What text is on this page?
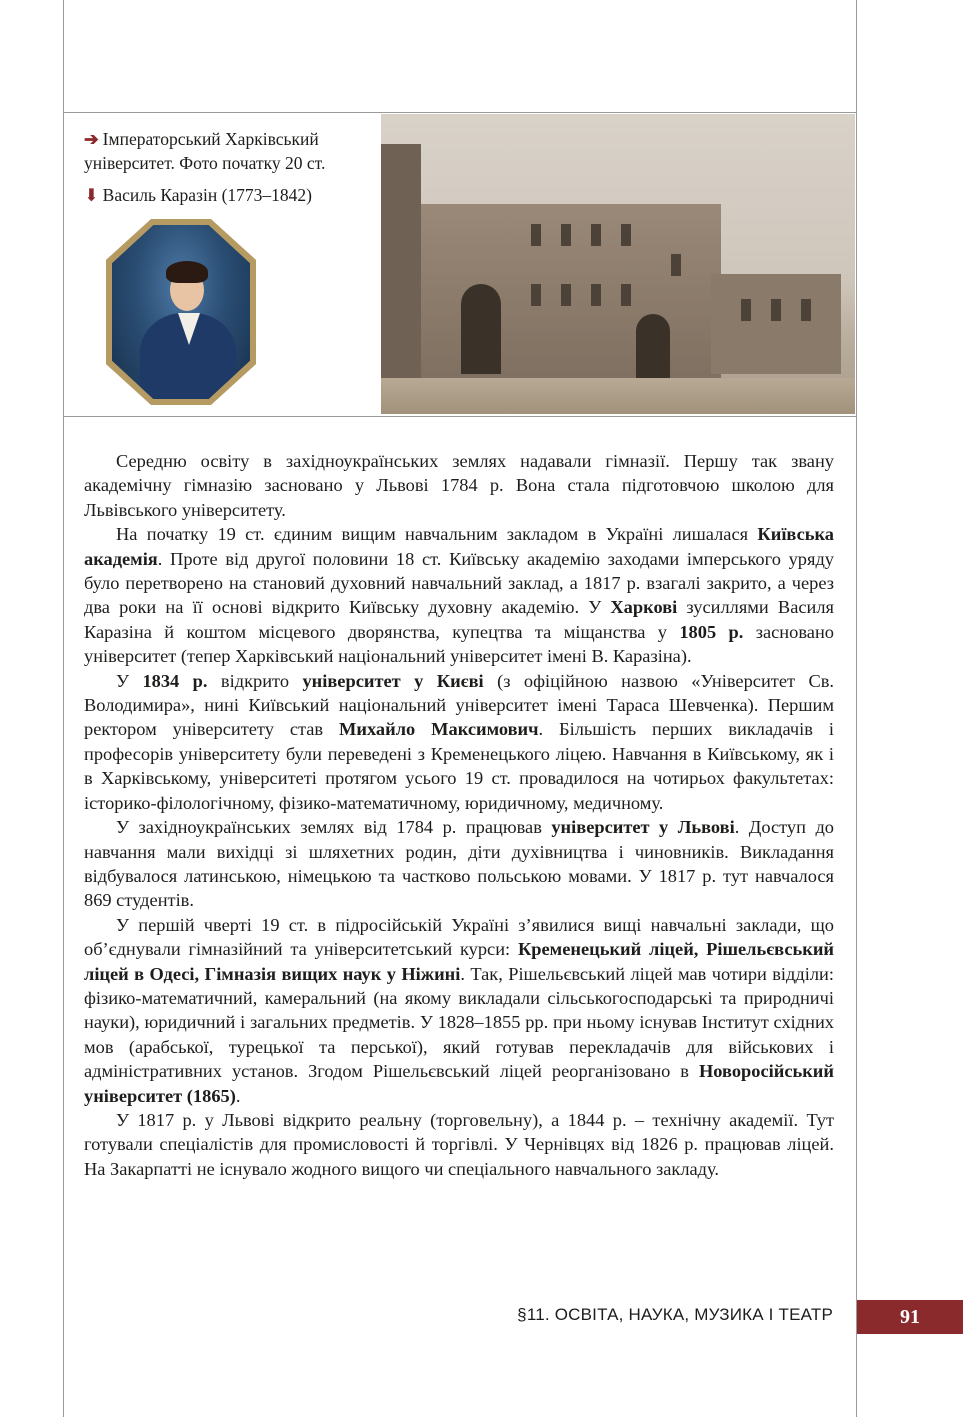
➔ Імператорський Харківський університет. Фото початку 20 ст.

⬇ Василь Каразін (1773–1842)

Середню освіту в західноукраїнських землях надавали гімназії. Першу так звану академічну гімназію засновано у Львові 1784 р. Вона стала підготовчою школою для Львівського університету.

На початку 19 ст. єдиним вищим навчальним закладом в Україні лишалася Київська академія. Проте від другої половини 18 ст. Київську академію заходами імперського уряду було перетворено на становий духовний навчальний заклад, а 1817 р. взагалі закрито, а через два роки на її основі відкрито Київську духовну академію. У Харкові зусиллями Василя Каразіна й коштом місцевого дворянства, купецтва та міщанства у 1805 р. засновано університет (тепер Харківський національний університет імені В. Каразіна).

У 1834 р. відкрито університет у Києві (з офіційною назвою «Університет Св. Володимира», нині Київський національний університет імені Тараса Шевченка). Першим ректором університету став Михайло Максимович. Більшість перших викладачів і професорів університету були переведені з Кременецького ліцею. Навчання в Київському, як і в Харківському, університеті протягом усього 19 ст. провадилося на чотирьох факультетах: історико-філологічному, фізико-математичному, юридичному, медичному.

У західноукраїнських землях від 1784 р. працював університет у Львові. Доступ до навчання мали вихідці зі шляхетних родин, діти духівництва і чиновників. Викладання відбувалося латинською, німецькою та частково польською мовами. У 1817 р. тут навчалося 869 студентів.

У першій чверті 19 ст. в підросійській Україні з’явилися вищі навчальні заклади, що об’єднували гімназійний та університетський курси: Кременецький ліцей, Рішельєвський ліцей в Одесі, Гімназія вищих наук у Ніжині. Так, Рішельєвський ліцей мав чотири відділи: фізико-математичний, камеральний (на якому викладали сільськогосподарські та природничі науки), юридичний і загальних предметів. У 1828–1855 рр. при ньому існував Інститут східних мов (арабської, турецької та перської), який готував перекладачів для військових і адміністративних установ. Згодом Рішельєвський ліцей реорганізовано в Новоросійський університет (1865).

У 1817 р. у Львові відкрито реальну (торговельну), а 1844 р. – технічну академії. Тут готували спеціалістів для промисловості й торгівлі. У Чернівцях від 1826 р. працював ліцей. На Закарпатті не існувало жодного вищого чи спеціального навчального закладу.

§11. ОСВІТА, НАУКА, МУЗИКА І ТЕАТР	91
